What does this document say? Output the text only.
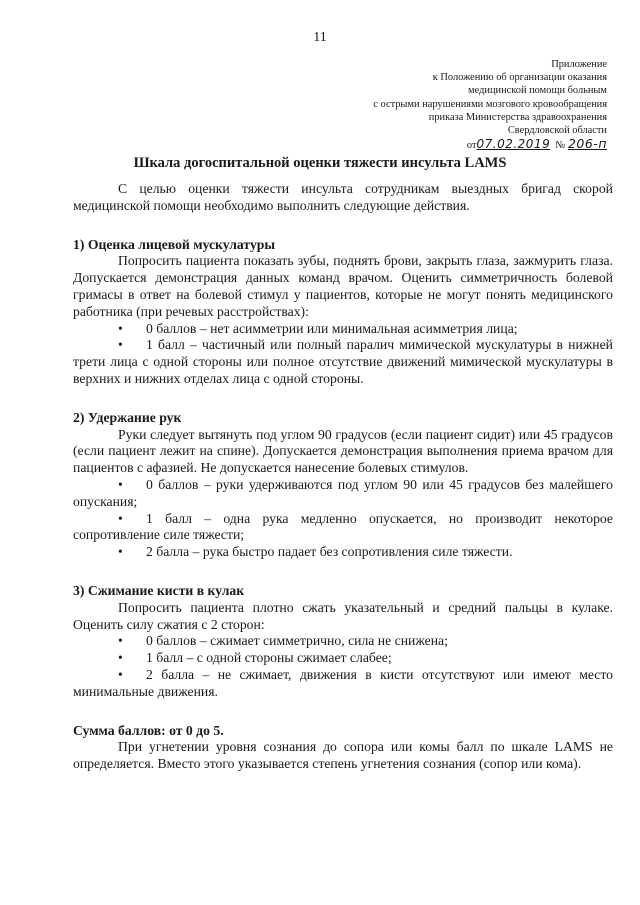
11
Приложение
к Положению об организации оказания
медицинской помощи больным
с острыми нарушениями мозгового кровообращения
приказа Министерства здравоохранения
Свердловской области
от07.02.2019 № 206-п
Шкала догоспитальной оценки тяжести инсульта LAMS

С целью оценки тяжести инсульта сотрудникам выездных бригад скорой медицинской помощи необходимо выполнить следующие действия.

1) Оценка лицевой мускулатуры

Попросить пациента показать зубы, поднять брови, закрыть глаза, зажмурить глаза. Допускается демонстрация данных команд врачом. Оценить симметричность болевой гримасы в ответ на болевой стимул у пациентов, которые не могут понять медицинского работника (при речевых расстройствах):

• 0 баллов – нет асимметрии или минимальная асимметрия лица;

• 1 балл – частичный или полный паралич мимической мускулатуры в нижней трети лица с одной стороны или полное отсутствие движений мимической мускулатуры в верхних и нижних отделах лица с одной стороны.

2) Удержание рук

Руки следует вытянуть под углом 90 градусов (если пациент сидит) или 45 градусов (если пациент лежит на спине). Допускается демонстрация выполнения приема врачом для пациентов с афазией. Не допускается нанесение болевых стимулов.

• 0 баллов – руки удерживаются под углом 90 или 45 градусов без малейшего опускания;

• 1 балл – одна рука медленно опускается, но производит некоторое сопротивление силе тяжести;

• 2 балла – рука быстро падает без сопротивления силе тяжести.

3) Сжимание кисти в кулак

Попросить пациента плотно сжать указательный и средний пальцы в кулаке. Оценить силу сжатия с 2 сторон:

• 0 баллов – сжимает симметрично, сила не снижена;

• 1 балл – с одной стороны сжимает слабее;

• 2 балла – не сжимает, движения в кисти отсутствуют или имеют место минимальные движения.

Сумма баллов: от 0 до 5.

При угнетении уровня сознания до сопора или комы балл по шкале LAMS не определяется. Вместо этого указывается степень угнетения сознания (сопор или кома).
